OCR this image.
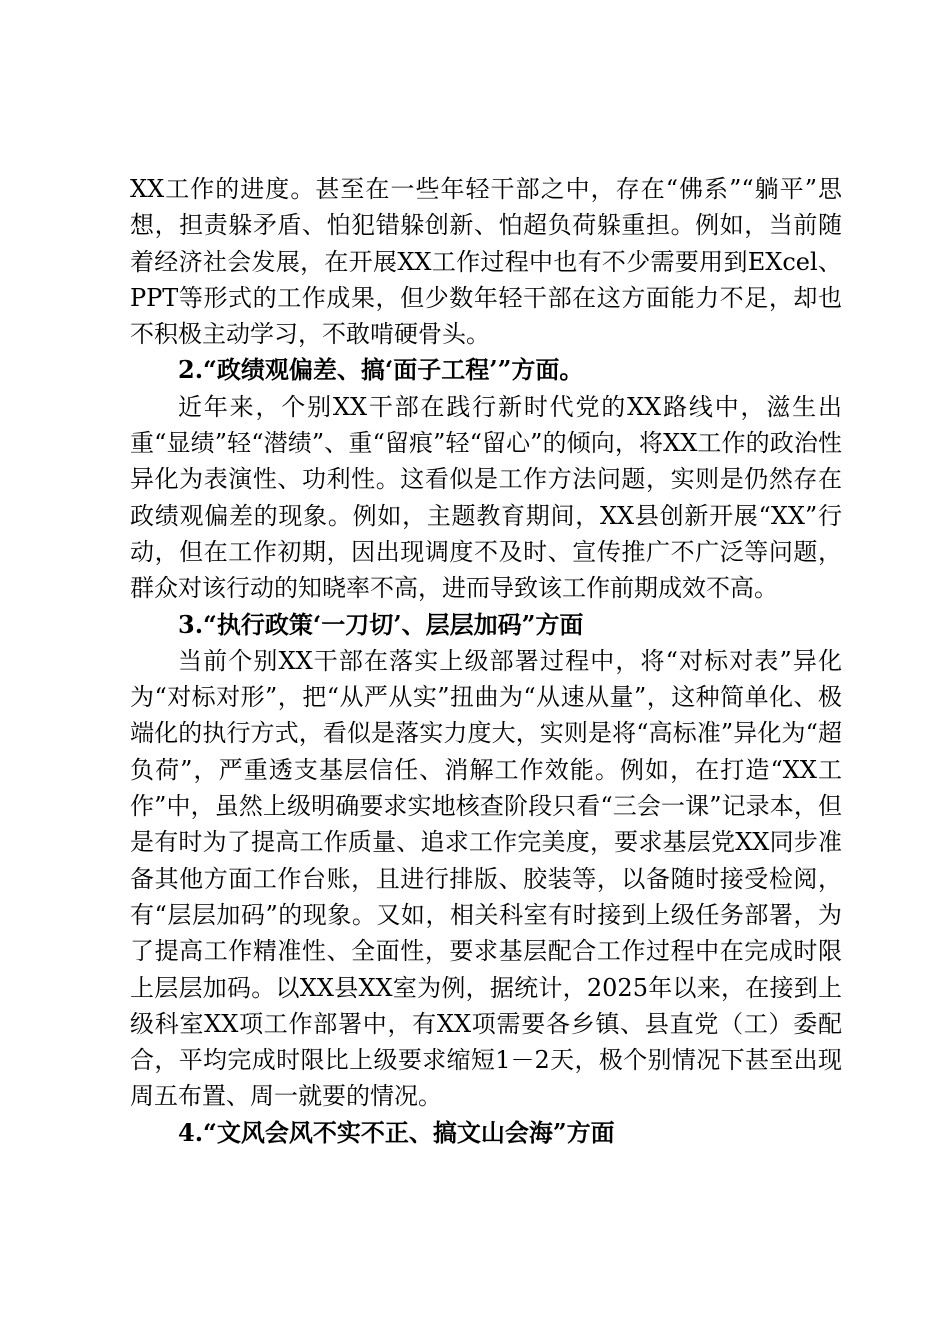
XX工作的进度。甚至在一些年轻干部之中，存在“佛系”“躺平”思想，担责躲矛盾、怕犯错躲创新、怕超负荷躲重担。例如，当前随着经济社会发展，在开展XX工作过程中也有不少需要用到EXcel、PPT等形式的工作成果，但少数年轻干部在这方面能力不足，却也不积极主动学习，不敢啃硬骨头。

2.“政绩观偏差、搞‘面子工程’”方面。

近年来，个别XX干部在践行新时代党的XX路线中，滋生出重“显绩”轻“潜绩”、重“留痕”轻“留心”的倾向，将XX工作的政治性异化为表演性、功利性。这看似是工作方法问题，实则是仍然存在政绩观偏差的现象。例如，主题教育期间，XX县创新开展“XX”行动，但在工作初期，因出现调度不及时、宣传推广不广泛等问题，群众对该行动的知晓率不高，进而导致该工作前期成效不高。

3.“执行政策‘一刀切’、层层加码”方面

当前个别XX干部在落实上级部署过程中，将“对标对表”异化为“对标对形”，把“从严从实”扭曲为“从速从量”，这种简单化、极端化的执行方式，看似是落实力度大，实则是将“高标准”异化为“超负荷”，严重透支基层信任、消解工作效能。例如，在打造“XX工作”中，虽然上级明确要求实地核查阶段只看“三会一课”记录本，但是有时为了提高工作质量、追求工作完美度，要求基层党XX同步准备其他方面工作台账，且进行排版、胶装等，以备随时接受检阅，有“层层加码”的现象。又如，相关科室有时接到上级任务部署，为了提高工作精准性、全面性，要求基层配合工作过程中在完成时限上层层加码。以XX县XX室为例，据统计，2025年以来，在接到上级科室XX项工作部署中，有XX项需要各乡镇、县直党（工）委配合，平均完成时限比上级要求缩短1－2天，极个别情况下甚至出现周五布置、周一就要的情况。

4.“文风会风不实不正、搞文山会海”方面
